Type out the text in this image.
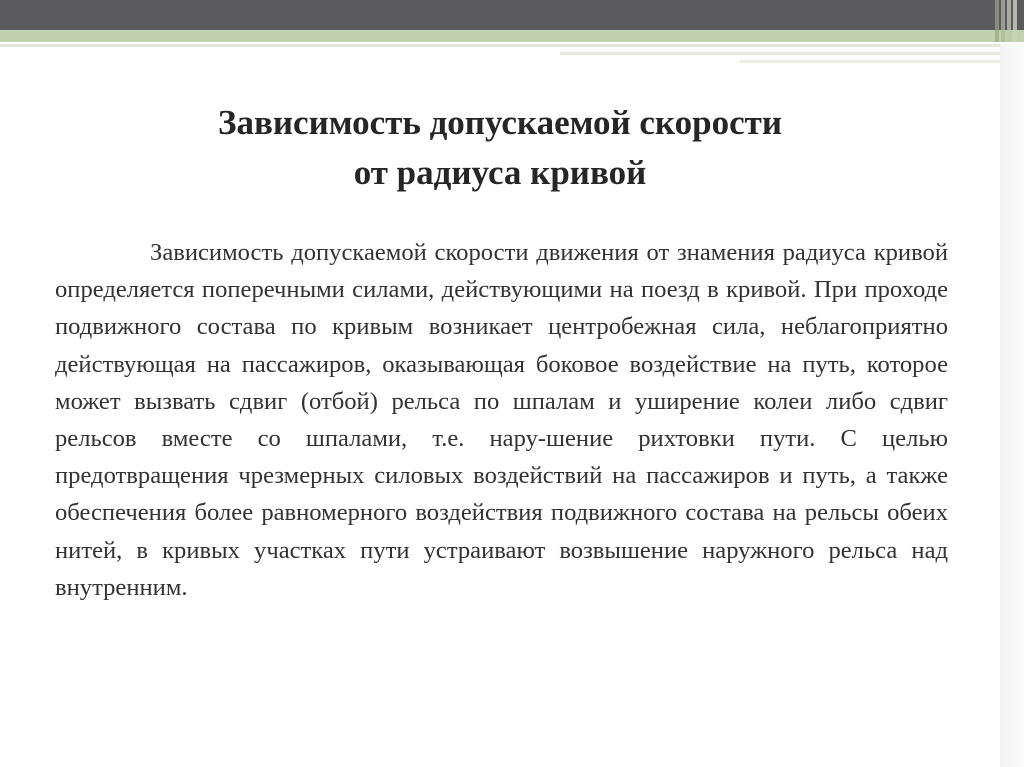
Зависимость допускаемой скорости
от радиуса кривой
Зависимость допускаемой скорости движения от знамения радиуса кривой определяется поперечными силами, действующими на поезд в кривой. При проходе подвижного состава по кривым возникает центробежная сила, неблагоприятно действующая на пассажиров, оказывающая боковое воздействие на путь, которое может вызвать сдвиг (отбой) рельса по шпалам и уширение колеи либо сдвиг рельсов вместе со шпалами, т.е. нару-шение рихтовки пути. С целью предотвращения чрезмерных силовых воздействий на пассажиров и путь, а также обеспечения более равномерного воздействия подвижного состава на рельсы обеих нитей, в кривых участках пути устраивают возвышение наружного рельса над внутренним.
